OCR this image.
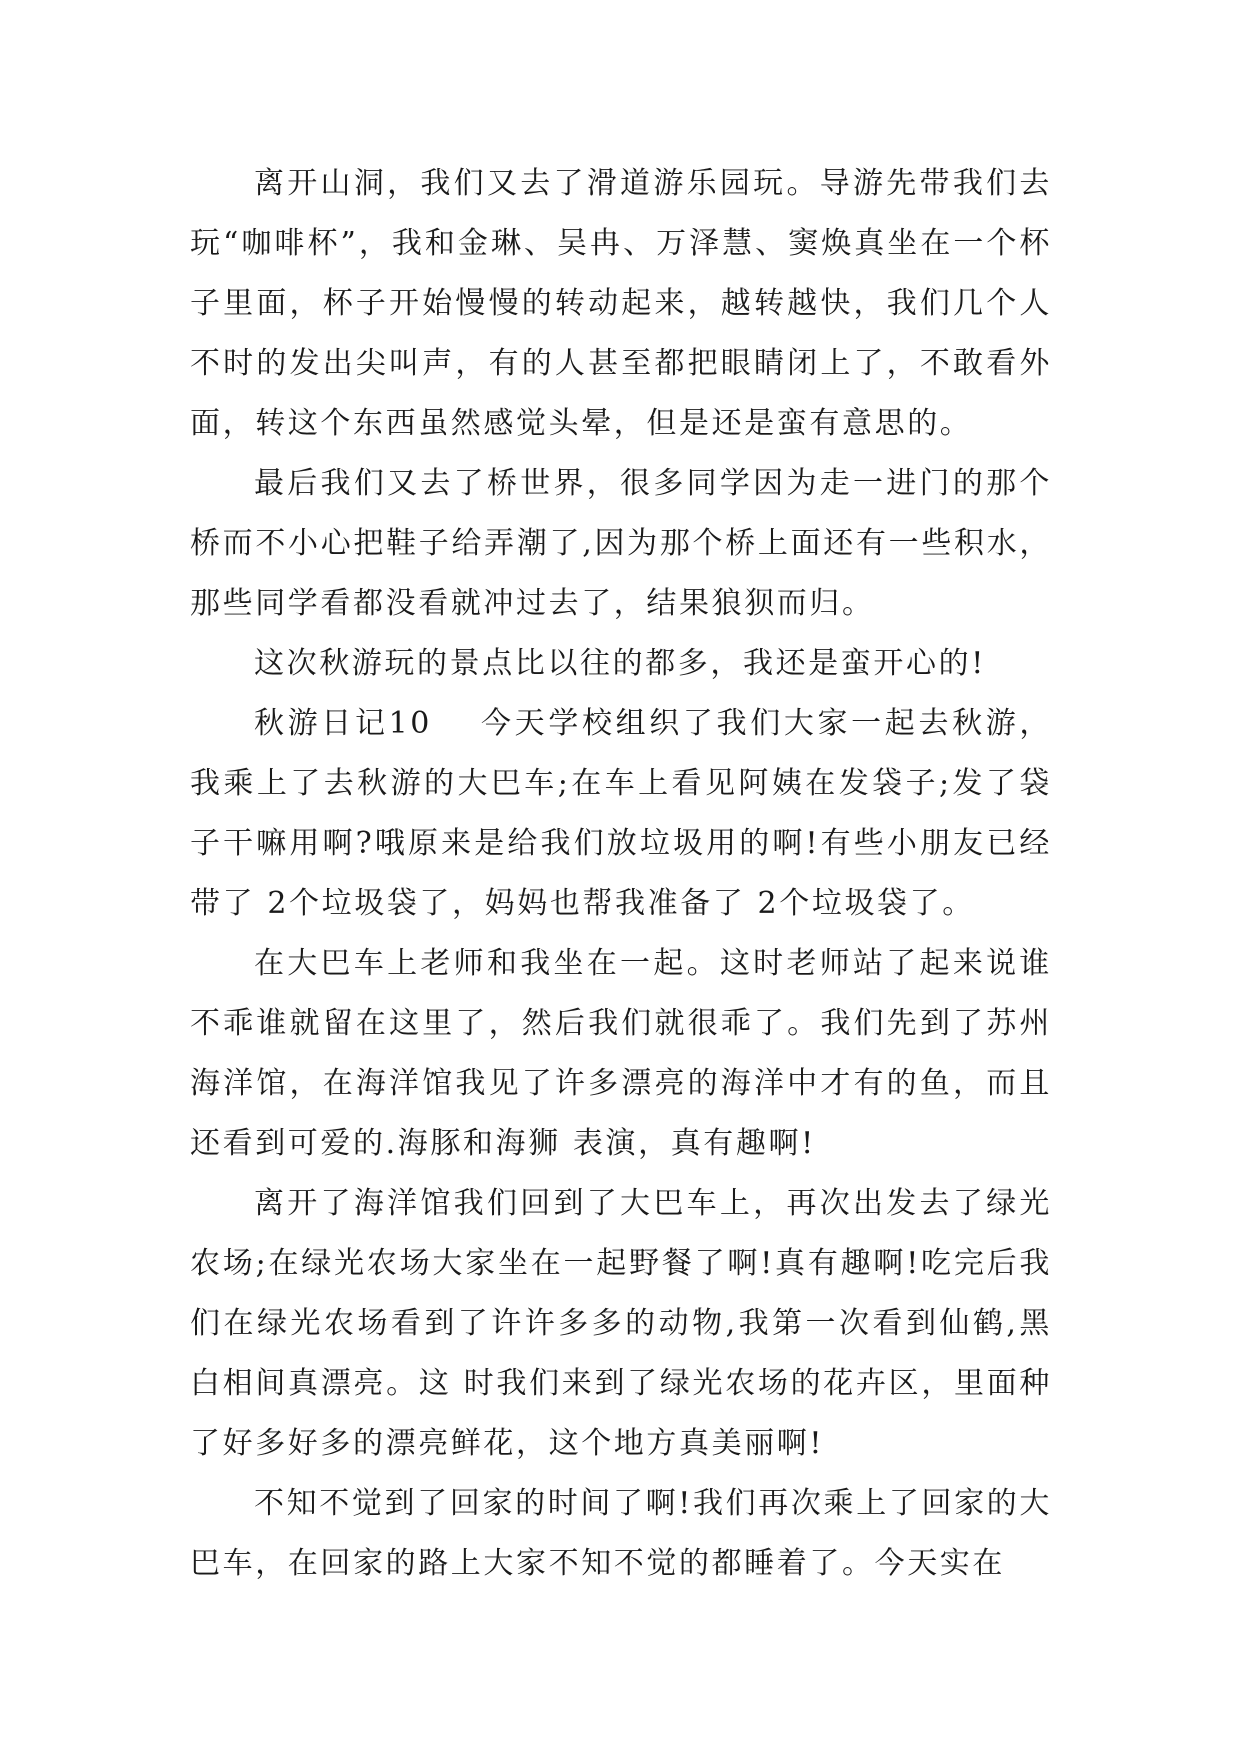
离开山洞，我们又去了滑道游乐园玩。导游先带我们去玩“咖啡杯”，我和金琳、吴冉、万泽慧、窦焕真坐在一个杯子里面，杯子开始慢慢的转动起来，越转越快，我们几个人不时的发出尖叫声，有的人甚至都把眼睛闭上了，不敢看外面，转这个东西虽然感觉头晕，但是还是蛮有意思的。

最后我们又去了桥世界，很多同学因为走一进门的那个桥而不小心把鞋子给弄潮了,因为那个桥上面还有一些积水，那些同学看都没看就冲过去了，结果狼狈而归。

这次秋游玩的景点比以往的都多，我还是蛮开心的!

秋游日记10 今天学校组织了我们大家一起去秋游，我乘上了去秋游的大巴车;在车上看见阿姨在发袋子;发了袋子干嘛用啊?哦原来是给我们放垃圾用的啊!有些小朋友已经带了 2个垃圾袋了，妈妈也帮我准备了 2个垃圾袋了。

在大巴车上老师和我坐在一起。这时老师站了起来说谁不乖谁就留在这里了，然后我们就很乖了。我们先到了苏州海洋馆，在海洋馆我见了许多漂亮的海洋中才有的鱼，而且还看到可爱的.海豚和海狮 表演，真有趣啊!

离开了海洋馆我们回到了大巴车上，再次出发去了绿光农场;在绿光农场大家坐在一起野餐了啊!真有趣啊!吃完后我们在绿光农场看到了许许多多的动物,我第一次看到仙鹤,黑白相间真漂亮。这 时我们来到了绿光农场的花卉区，里面种了好多好多的漂亮鲜花，这个地方真美丽啊!

不知不觉到了回家的时间了啊!我们再次乘上了回家的大巴车，在回家的路上大家不知不觉的都睡着了。今天实在
